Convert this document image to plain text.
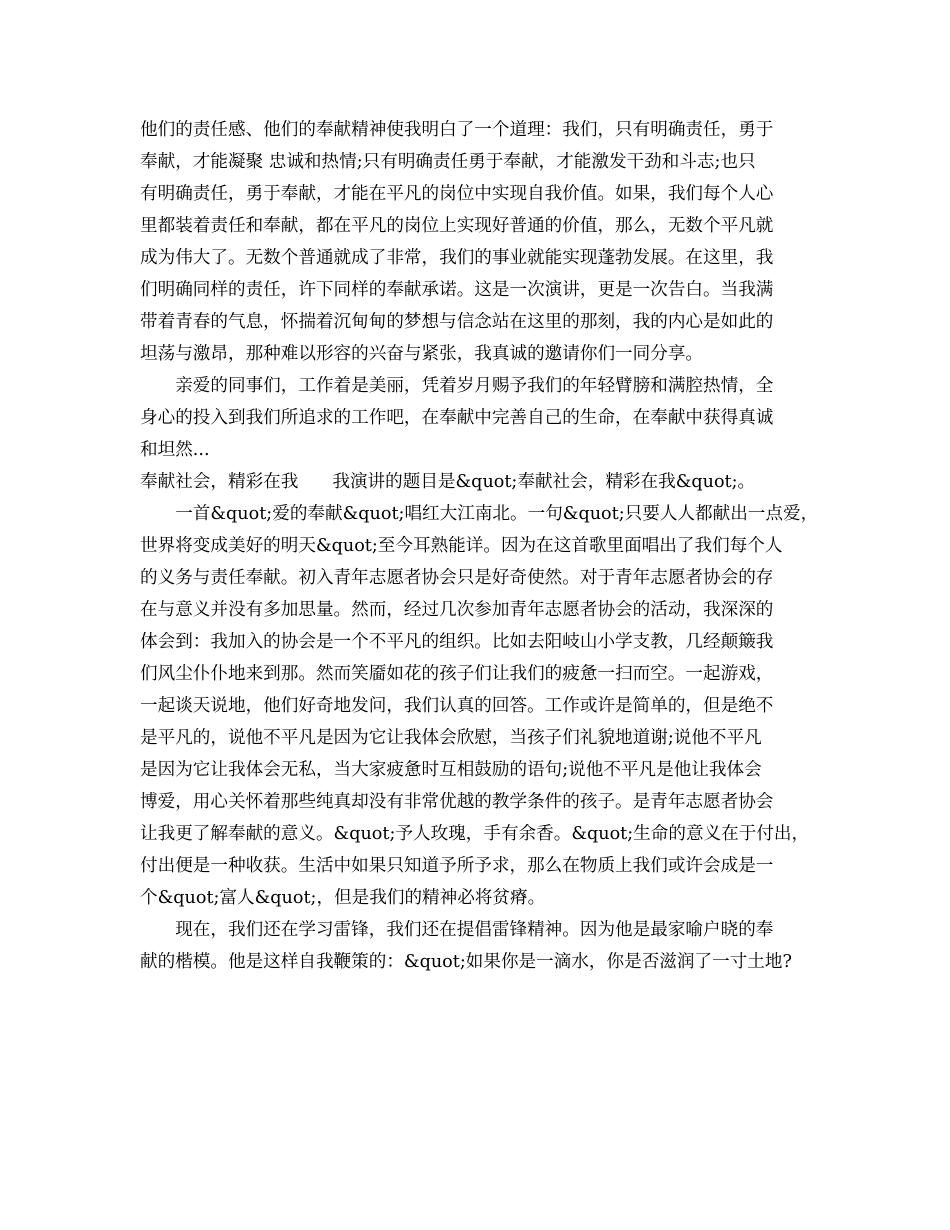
他们的责任感、他们的奉献精神使我明白了一个道理：我们，只有明确责任，勇于
奉献，才能凝聚 忠诚和热情;只有明确责任勇于奉献，才能激发干劲和斗志;也只
有明确责任，勇于奉献，才能在平凡的岗位中实现自我价值。如果，我们每个人心
里都装着责任和奉献，都在平凡的岗位上实现好普通的价值，那么，无数个平凡就
成为伟大了。无数个普通就成了非常，我们的事业就能实现蓬勃发展。在这里，我
们明确同样的责任，许下同样的奉献承诺。这是一次演讲，更是一次告白。当我满
带着青春的气息，怀揣着沉甸甸的梦想与信念站在这里的那刻，我的内心是如此的
坦荡与激昂，那种难以形容的兴奋与紧张，我真诚的邀请你们一同分享。
　　亲爱的同事们，工作着是美丽，凭着岁月赐予我们的年轻臂膀和满腔热情，全
身心的投入到我们所追求的工作吧，在奉献中完善自己的生命，在奉献中获得真诚
和坦然...
奉献社会，精彩在我 我演讲的题目是&quot;奉献社会，精彩在我&quot;。
　　一首&quot;爱的奉献&quot;唱红大江南北。一句&quot;只要人人都献出一点爱，
世界将变成美好的明天&quot;至今耳熟能详。因为在这首歌里面唱出了我们每个人
的义务与责任奉献。初入青年志愿者协会只是好奇使然。对于青年志愿者协会的存
在与意义并没有多加思量。然而，经过几次参加青年志愿者协会的活动，我深深的
体会到：我加入的协会是一个不平凡的组织。比如去阳岐山小学支教，几经颠簸我
们风尘仆仆地来到那。然而笑靥如花的孩子们让我们的疲惫一扫而空。一起游戏，
一起谈天说地，他们好奇地发问，我们认真的回答。工作或许是简单的，但是绝不
是平凡的，说他不平凡是因为它让我体会欣慰，当孩子们礼貌地道谢;说他不平凡
是因为它让我体会无私，当大家疲惫时互相鼓励的语句;说他不平凡是他让我体会
博爱，用心关怀着那些纯真却没有非常优越的教学条件的孩子。是青年志愿者协会
让我更了解奉献的意义。&quot;予人玫瑰，手有余香。&quot;生命的意义在于付出，
付出便是一种收获。生活中如果只知道予所予求，那么在物质上我们或许会成是一
个&quot;富人&quot;，但是我们的精神必将贫瘠。
　　现在，我们还在学习雷锋，我们还在提倡雷锋精神。因为他是最家喻户晓的奉
献的楷模。他是这样自我鞭策的：&quot;如果你是一滴水，你是否滋润了一寸土地?
